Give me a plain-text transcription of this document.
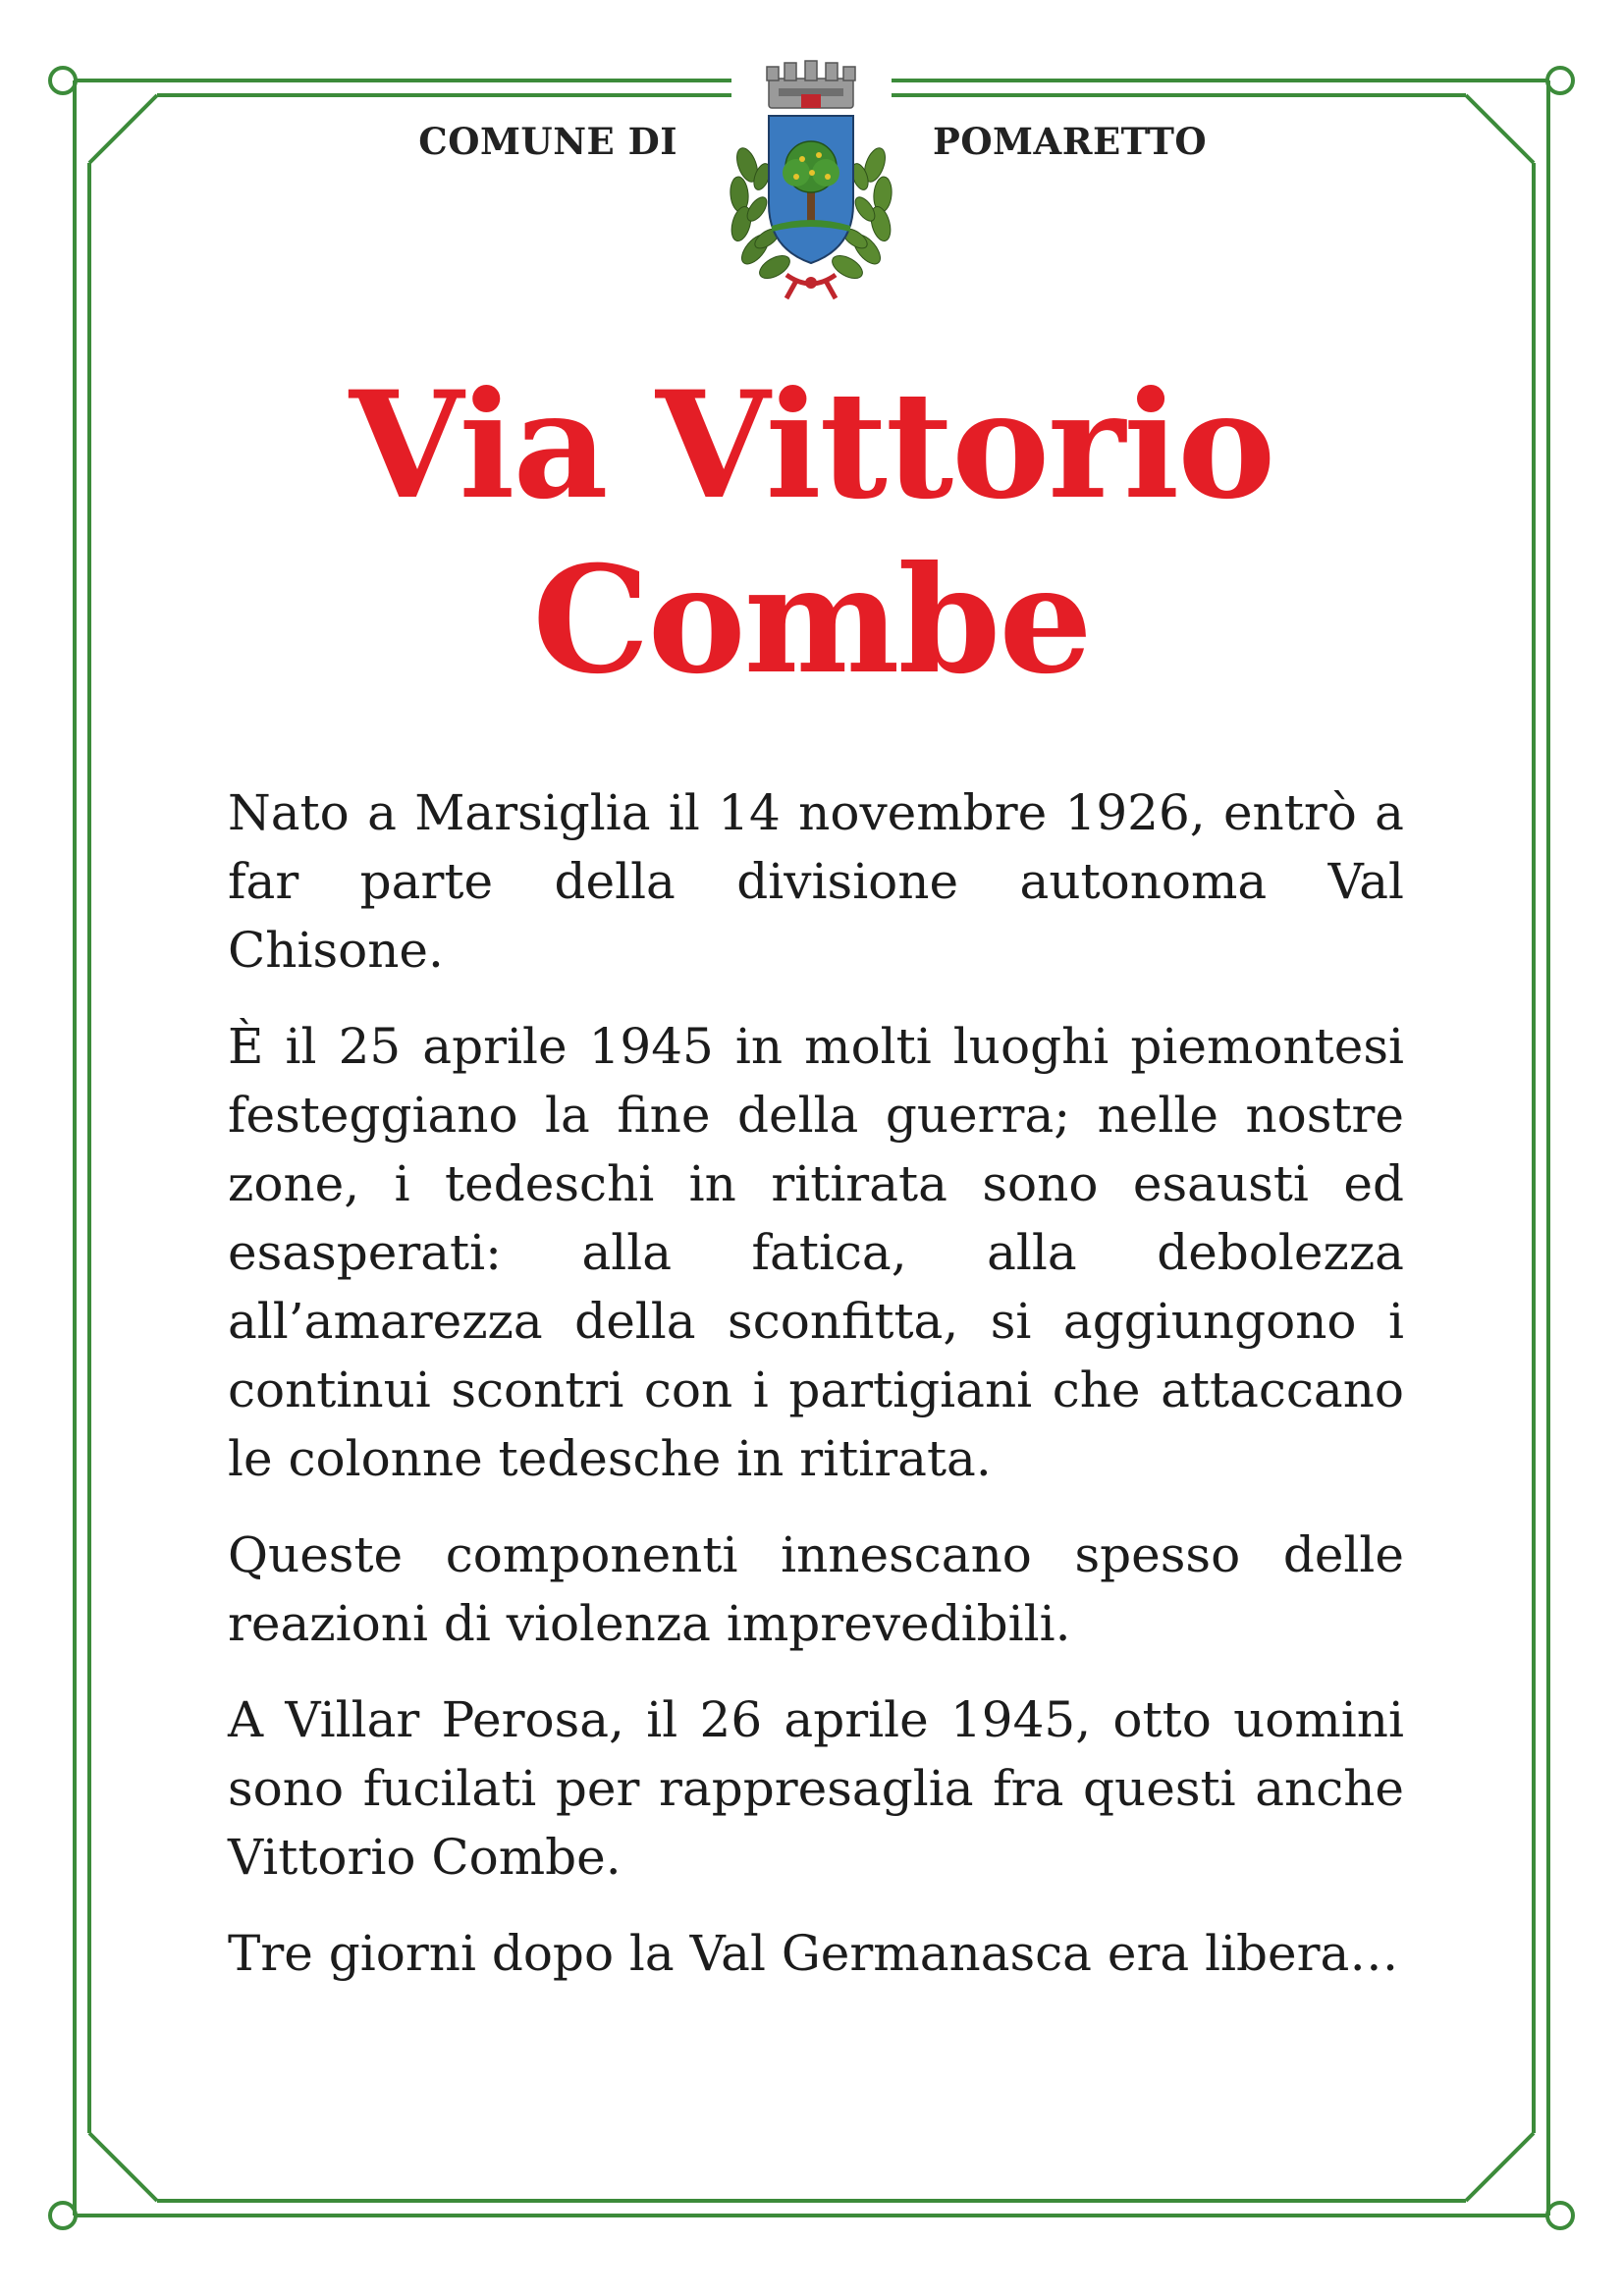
COMUNE DI	POMARETTO
Via Vittorio
Combe

Nato a Marsiglia il 14 novembre 1926, entrò a far parte della divisione autonoma Val Chisone.

È il 25 aprile 1945 in molti luoghi piemontesi festeggiano la fine della guerra; nelle nostre zone, i tedeschi in ritirata sono esausti ed esasperati: alla fatica, alla debolezza all’amarezza della sconfitta, si aggiungono i continui scontri con i partigiani che attaccano le colonne tedesche in ritirata.

Queste componenti innescano spesso delle reazioni di violenza imprevedibili.

A Villar Perosa, il 26 aprile 1945, otto uomini sono fucilati per rappresaglia fra questi anche Vittorio Combe.

Tre giorni dopo la Val Germanasca era libera…
